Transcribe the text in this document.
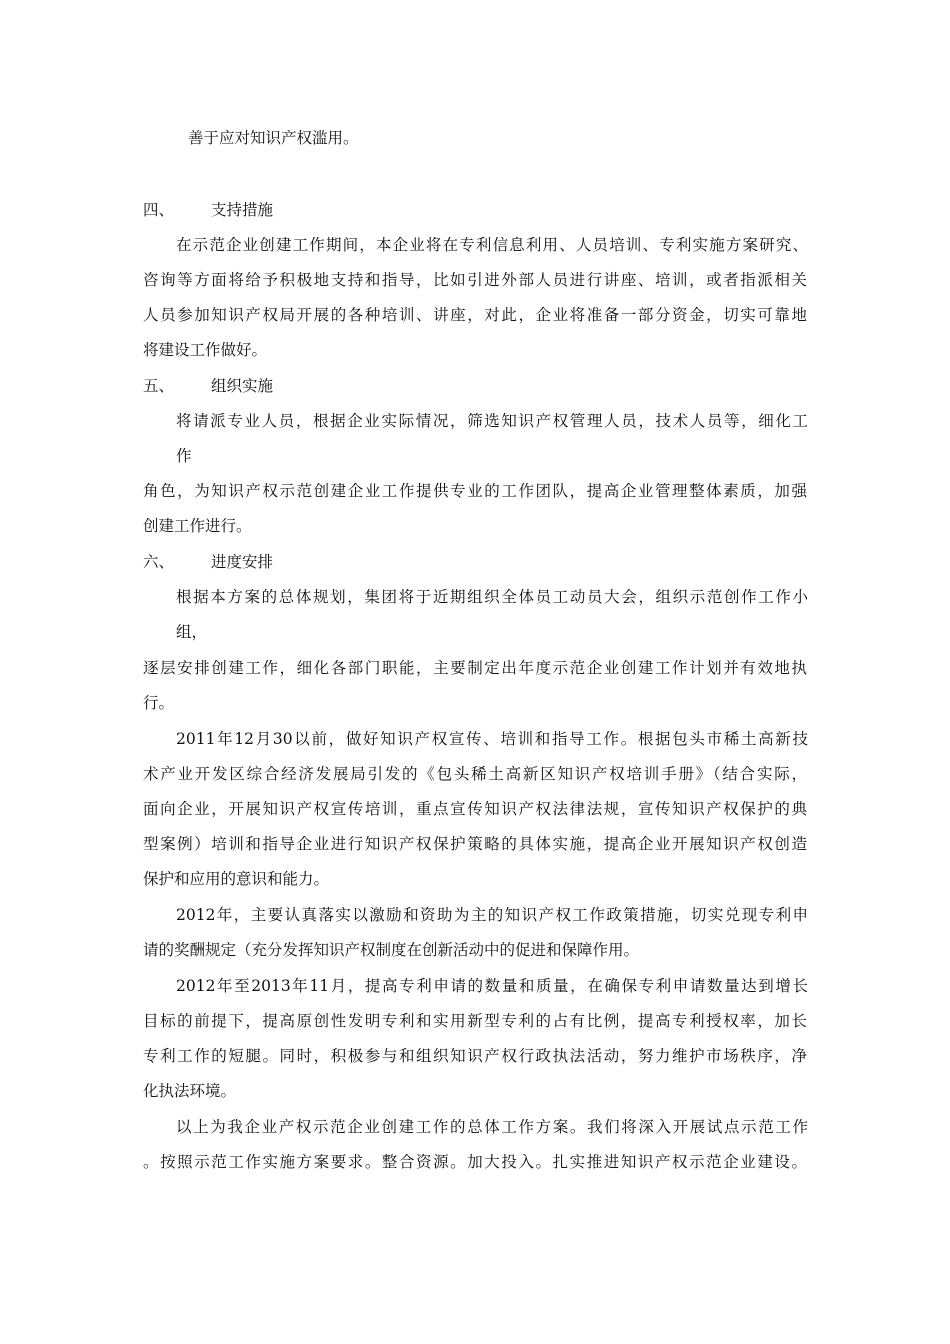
善于应对知识产权滥用。
四、 支持措施
在示范企业创建工作期间，本企业将在专利信息利用、人员培训、专利实施方案研究、
咨询等方面将给予积极地支持和指导，比如引进外部人员进行讲座、培训，或者指派相关
人员参加知识产权局开展的各种培训、讲座，对此，企业将准备一部分资金，切实可靠地
将建设工作做好。
五、 组织实施
将请派专业人员，根据企业实际情况，筛选知识产权管理人员，技术人员等，细化工
作
角色，为知识产权示范创建企业工作提供专业的工作团队，提高企业管理整体素质，加强
创建工作进行。
六、 进度安排
根据本方案的总体规划，集团将于近期组织全体员工动员大会，组织示范创作工作小
组，
逐层安排创建工作，细化各部门职能，主要制定出年度示范企业创建工作计划并有效地执
行。
2011年12月30以前，做好知识产权宣传、培训和指导工作。根据包头市稀土高新技
术产业开发区综合经济发展局引发的《包头稀土高新区知识产权培训手册》（结合实际，
面向企业，开展知识产权宣传培训，重点宣传知识产权法律法规，宣传知识产权保护的典
型案例）培训和指导企业进行知识产权保护策略的具体实施，提高企业开展知识产权创造
保护和应用的意识和能力。
2012年，主要认真落实以激励和资助为主的知识产权工作政策措施，切实兑现专利申
请的奖酬规定（充分发挥知识产权制度在创新活动中的促进和保障作用。
2012年至2013年11月，提高专利申请的数量和质量，在确保专利申请数量达到增长
目标的前提下，提高原创性发明专利和实用新型专利的占有比例，提高专利授权率，加长
专利工作的短腿。同时，积极参与和组织知识产权行政执法活动，努力维护市场秩序，净
化执法环境。
以上为我企业产权示范企业创建工作的总体工作方案。我们将深入开展试点示范工作
。按照示范工作实施方案要求。整合资源。加大投入。扎实推进知识产权示范企业建设。
